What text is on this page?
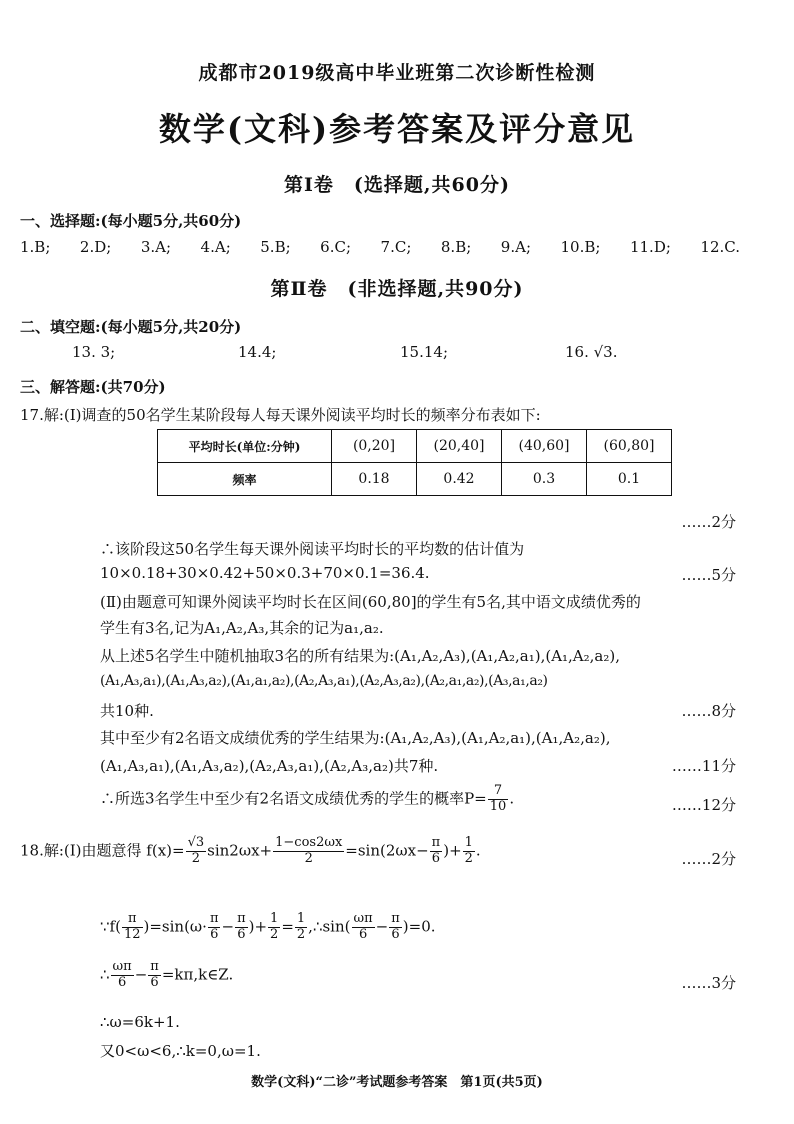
成都市2019级高中毕业班第二次诊断性检测
数学(文科)参考答案及评分意见
第Ⅰ卷　(选择题,共60分)
一、选择题:(每小题5分,共60分)
1.B; 2.D; 3.A; 4.A; 5.B; 6.C; 7.C; 8.B; 9.A; 10.B; 11.D; 12.C.
第Ⅱ卷　(非选择题,共90分)
二、填空题:(每小题5分,共20分)
13. 3;	14.4;	15.14;	16. √3.
三、解答题:(共70分)
17.解:(Ⅰ)调查的50名学生某阶段每人每天课外阅读平均时长的频率分布表如下:
平均时长(单位:分钟)	(0,20]	(20,40]	(40,60]	(60,80]
频率	0.18	0.42	0.3	0.1
……2分
∴该阶段这50名学生每天课外阅读平均时长的平均数的估计值为
10×0.18+30×0.42+50×0.3+70×0.1=36.4.	……5分
(Ⅱ)由题意可知课外阅读平均时长在区间(60,80]的学生有5名,其中语文成绩优秀的
学生有3名,记为A₁,A₂,A₃,其余的记为a₁,a₂.
从上述5名学生中随机抽取3名的所有结果为:(A₁,A₂,A₃),(A₁,A₂,a₁),(A₁,A₂,a₂),
(A₁,A₃,a₁),(A₁,A₃,a₂),(A₁,a₁,a₂),(A₂,A₃,a₁),(A₂,A₃,a₂),(A₂,a₁,a₂),(A₃,a₁,a₂)
共10种.	……8分
其中至少有2名语文成绩优秀的学生结果为:(A₁,A₂,A₃),(A₁,A₂,a₁),(A₁,A₂,a₂),
(A₁,A₃,a₁),(A₁,A₃,a₂),(A₂,A₃,a₁),(A₂,A₃,a₂)共7种.	……11分
∴所选3名学生中至少有2名语文成绩优秀的学生的概率$P= \frac{7}{10}$ .	……12分
18.解:(Ⅰ)由题意得 $f(x)= \frac{√3}{2} \sin 2\omega x+ \frac{1-\cos 2\omega x}{2} =\sin(2\omega x- \frac{\pi}{6}$ )+ $\frac{1}{2}$ .	……2分
∵f( $\frac{\pi}{12} )=\sin(\omega\cdot \frac{\pi}{6} - \frac{\pi}{6}$ )+ $\frac{1}{2} = \frac{1}{2}$ ,∴sin( $\frac{\omega\pi}{6} - \frac{\pi}{6} )=0$.
∴ $\frac{\omega\pi}{6} - \frac{\pi}{6}$ =kπ,k∈Z.	……3分
∴ω=6k+1.
又0<ω<6,∴k=0,ω=1.
数学(文科)“二诊”考试题参考答案　第1页(共5页)
